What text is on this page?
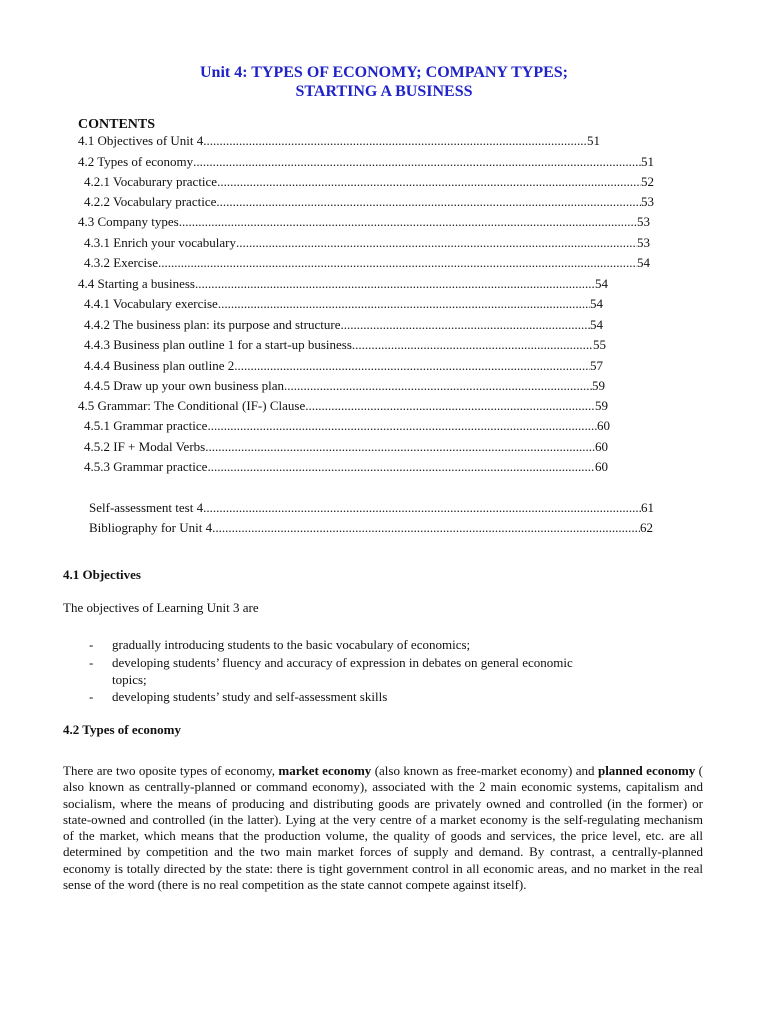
Unit 4: TYPES OF ECONOMY; COMPANY TYPES;
STARTING A BUSINESS
CONTENTS
4.1 Objectives of Unit 4 .....	51
4.2 Types of economy .....	51
4.2.1 Vocaburary practice .....	52
4.2.2 Vocabulary practice .....	53
4.3 Company types .....	53
4.3.1 Enrich your vocabulary .....	53
4.3.2 Exercise .....	54
4.4 Starting a business .....	54
4.4.1 Vocabulary exercise .....	54
4.4.2 The business plan: its purpose and structure .....	54
4.4.3 Business plan outline 1 for a start-up business .....	55
4.4.4 Business plan outline 2 .....	57
4.4.5 Draw up your own business plan .....	59
4.5 Grammar: The Conditional (IF-) Clause .....	59
4.5.1 Grammar practice .....	60
4.5.2 IF + Modal Verbs .....	60
4.5.3 Grammar practice .....	60
Self-assessment test 4 .....	61
Bibliography for Unit 4 .....	62
4.1 Objectives
The objectives of Learning Unit 3 are
- gradually introducing students to the basic vocabulary of economics;
- developing students’ fluency and accuracy of expression in debates on general economic
topics;
- developing students’ study and self-assessment skills
4.2 Types of economy
There are two oposite types of economy, market economy (also known as free-market economy) and planned economy ( also known as centrally-planned or command economy), associated with the 2 main economic systems, capitalism and socialism, where the means of producing and distributing goods are privately owned and controlled (in the former) or state-owned and controlled (in the latter). Lying at the very centre of a market economy is the self-regulating mechanism of the market, which means that the production volume, the quality of goods and services, the price level, etc. are all determined by competition and the two main market forces of supply and demand. By contrast, a centrally-planned economy is totally directed by the state: there is tight government control in all economic areas, and no market in the real sense of the word (there is no real competition as the state cannot compete against itself).
